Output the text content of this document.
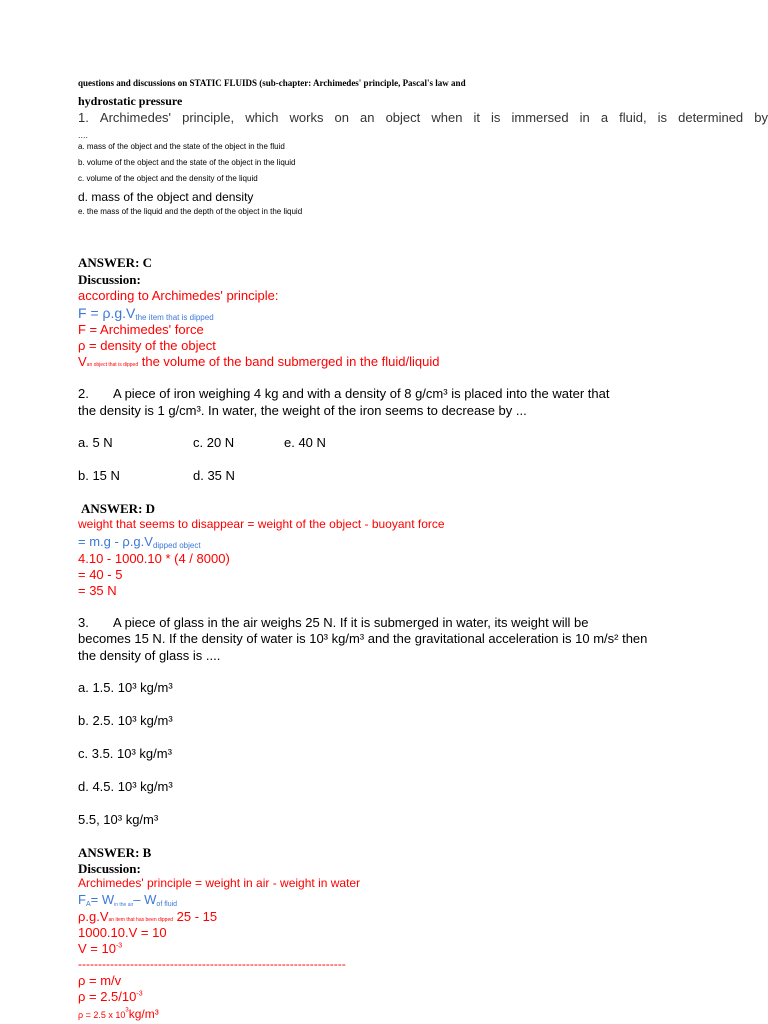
questions and discussions on STATIC FLUIDS (sub-chapter: Archimedes' principle, Pascal's law and
hydrostatic pressure
1. Archimedes' principle, which works on an object when it is immersed in a fluid, is determined by
....
a. mass of the object and the state of the object in the fluid
b. volume of the object and the state of the object in the liquid
c. volume of the object and the density of the liquid
d. mass of the object and density
e. the mass of the liquid and the depth of the object in the liquid
ANSWER: C
Discussion:
according to Archimedes' principle:
F = ρ.g.Vthe item that is dipped
F = Archimedes' force
ρ = density of the object
Van object that is dipped the volume of the band submerged in the fluid/liquid
2. A piece of iron weighing 4 kg and with a density of 8 g/cm³ is placed into the water that
the density is 1 g/cm³. In water, the weight of the iron seems to decrease by ...
a. 5 N	c. 20 N	e. 40 N
b. 15 N	d. 35 N
ANSWER: D
weight that seems to disappear = weight of the object - buoyant force
= m.g - ρ.g.Vdipped object
4.10 - 1000.10 * (4 / 8000)
= 40 - 5
= 35 N
3. A piece of glass in the air weighs 25 N. If it is submerged in water, its weight will be
becomes 15 N. If the density of water is 10³ kg/m³ and the gravitational acceleration is 10 m/s² then
the density of glass is ....
a. 1.5. 10³ kg/m³
b. 2.5. 10³ kg/m³
c. 3.5. 10³ kg/m³
d. 4.5. 10³ kg/m³
5.5, 10³ kg/m³
ANSWER: B
Discussion:
Archimedes' principle = weight in air - weight in water
FA= Win the air– Wof fluid
ρ.g.Van item that has been dipped 25 - 15
1000.10.V = 10
$V = 10^{-3}$
-------------------------------------------------------------------
ρ = m/v
$\rho = 2.5/10^{-3}$
ρ = 2.5 x $10^3kg/m^3$
